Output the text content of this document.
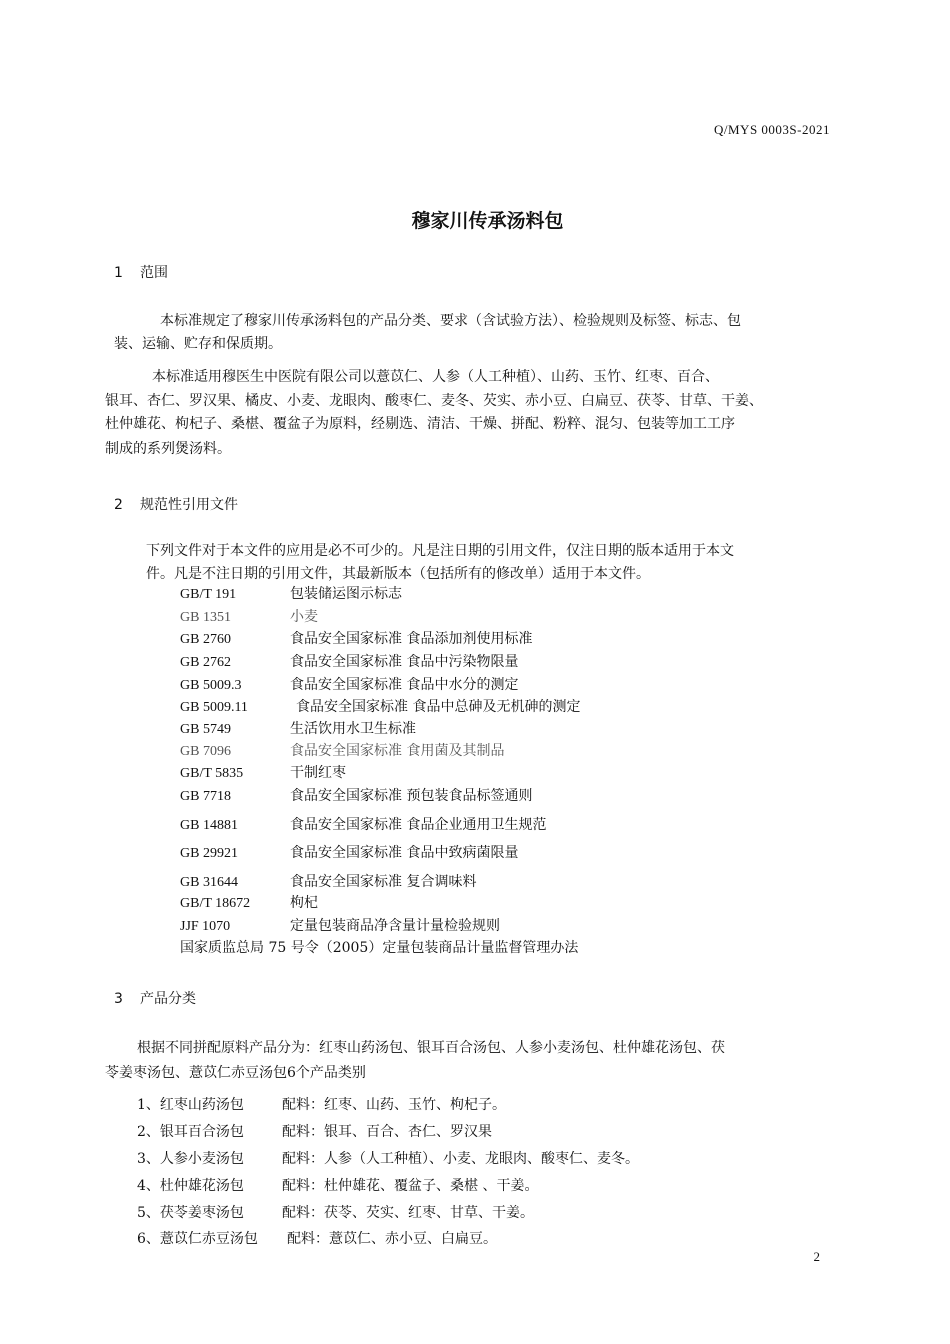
Q/MYS 0003S-2021
穆家川传承汤料包
1 范围
本标准规定了穆家川传承汤料包的产品分类、要求（含试验方法）、检验规则及标签、标志、包
装、运输、贮存和保质期。
本标准适用穆医生中医院有限公司以薏苡仁、人参（人工种植）、山药、玉竹、红枣、百合、
银耳、杏仁、罗汉果、橘皮、小麦、龙眼肉、酸枣仁、麦冬、芡实、赤小豆、白扁豆、茯苓、甘草、干姜、
杜仲雄花、枸杞子、桑椹、覆盆子为原料，经剔选、清洁、干燥、拼配、粉粹、混匀、包装等加工工序
制成的系列煲汤料。
2 规范性引用文件
下列文件对于本文件的应用是必不可少的。凡是注日期的引用文件，仅注日期的版本适用于本文
件。凡是不注日期的引用文件，其最新版本（包括所有的修改单）适用于本文件。
GB/T 191	包装储运图示标志
GB 1351	小麦
GB 2760	食品安全国家标准 食品添加剂使用标准
GB 2762	食品安全国家标准 食品中污染物限量
GB 5009.3	食品安全国家标准 食品中水分的测定
GB 5009.11	食品安全国家标准 食品中总砷及无机砷的测定
GB 5749	生活饮用水卫生标准
GB 7096	食品安全国家标准 食用菌及其制品
GB/T 5835	干制红枣
GB 7718	食品安全国家标准 预包装食品标签通则
GB 14881	食品安全国家标准 食品企业通用卫生规范
GB 29921	食品安全国家标准 食品中致病菌限量
GB 31644	食品安全国家标准 复合调味料
GB/T 18672	枸杞
JJF 1070	定量包装商品净含量计量检验规则
国家质监总局 75 号令（2005）定量包装商品计量监督管理办法
3 产品分类
根据不同拼配原料产品分为：红枣山药汤包、银耳百合汤包、人参小麦汤包、杜仲雄花汤包、茯
苓姜枣汤包、薏苡仁赤豆汤包6个产品类别
1、红枣山药汤包	配料：红枣、山药、玉竹、枸杞子。
2、银耳百合汤包	配料：银耳、百合、杏仁、罗汉果
3、人参小麦汤包	配料：人参（人工种植）、小麦、龙眼肉、酸枣仁、麦冬。
4、杜仲雄花汤包	配料：杜仲雄花、覆盆子、桑椹 、干姜。
5、茯苓姜枣汤包	配料：茯苓、芡实、红枣、甘草、干姜。
6、薏苡仁赤豆汤包 配料：薏苡仁、赤小豆、白扁豆。
2
